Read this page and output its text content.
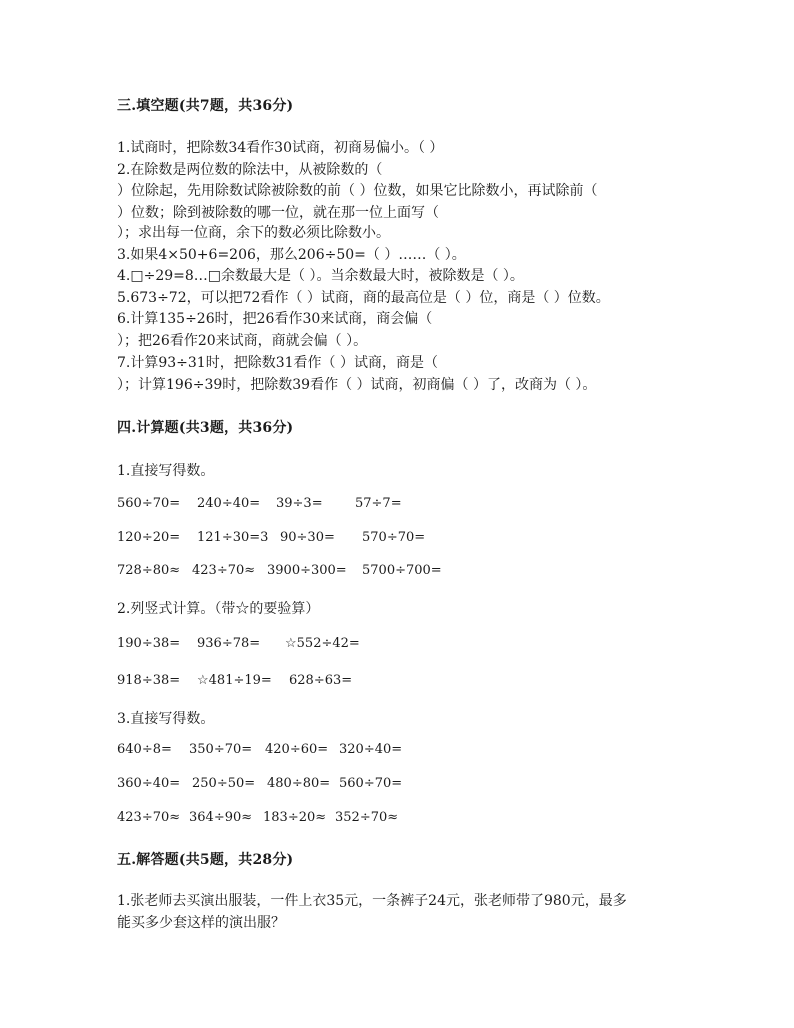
三.填空题(共7题，共36分)
1.试商时，把除数34看作30试商，初商易偏小。（ ）
2.在除数是两位数的除法中，从被除数的（
）位除起，先用除数试除被除数的前（ ）位数，如果它比除数小，再试除前（
）位数；除到被除数的哪一位，就在那一位上面写（
）；求出每一位商，余下的数必须比除数小。
3.如果4×50+6=206，那么206÷50=（ ）……（ ）。
4.□÷29=8…□余数最大是（ ）。当余数最大时，被除数是（ ）。
5.673÷72，可以把72看作（ ）试商，商的最高位是（ ）位，商是（ ）位数。
6.计算135÷26时，把26看作30来试商，商会偏（
）；把26看作20来试商，商就会偏（ ）。
7.计算93÷31时，把除数31看作（ ）试商，商是（
）；计算196÷39时，把除数39看作（ ）试商，初商偏（ ）了，改商为（ ）。
四.计算题(共3题，共36分)
1.直接写得数。
560÷70= 240÷40= 39÷3= 57÷7=
120÷20= 121÷30=3 90÷30= 570÷70=
728÷80≈ 423÷70≈ 3900÷300= 5700÷700=
2.列竖式计算。（带☆的要验算）
190÷38= 936÷78= ☆552÷42=
918÷38= ☆481÷19= 628÷63=
3.直接写得数。
640÷8= 350÷70= 420÷60= 320÷40=
360÷40= 250÷50= 480÷80= 560÷70=
423÷70≈ 364÷90≈ 183÷20≈ 352÷70≈
五.解答题(共5题，共28分)
1.张老师去买演出服装，一件上衣35元，一条裤子24元，张老师带了980元，最多
能买多少套这样的演出服？
